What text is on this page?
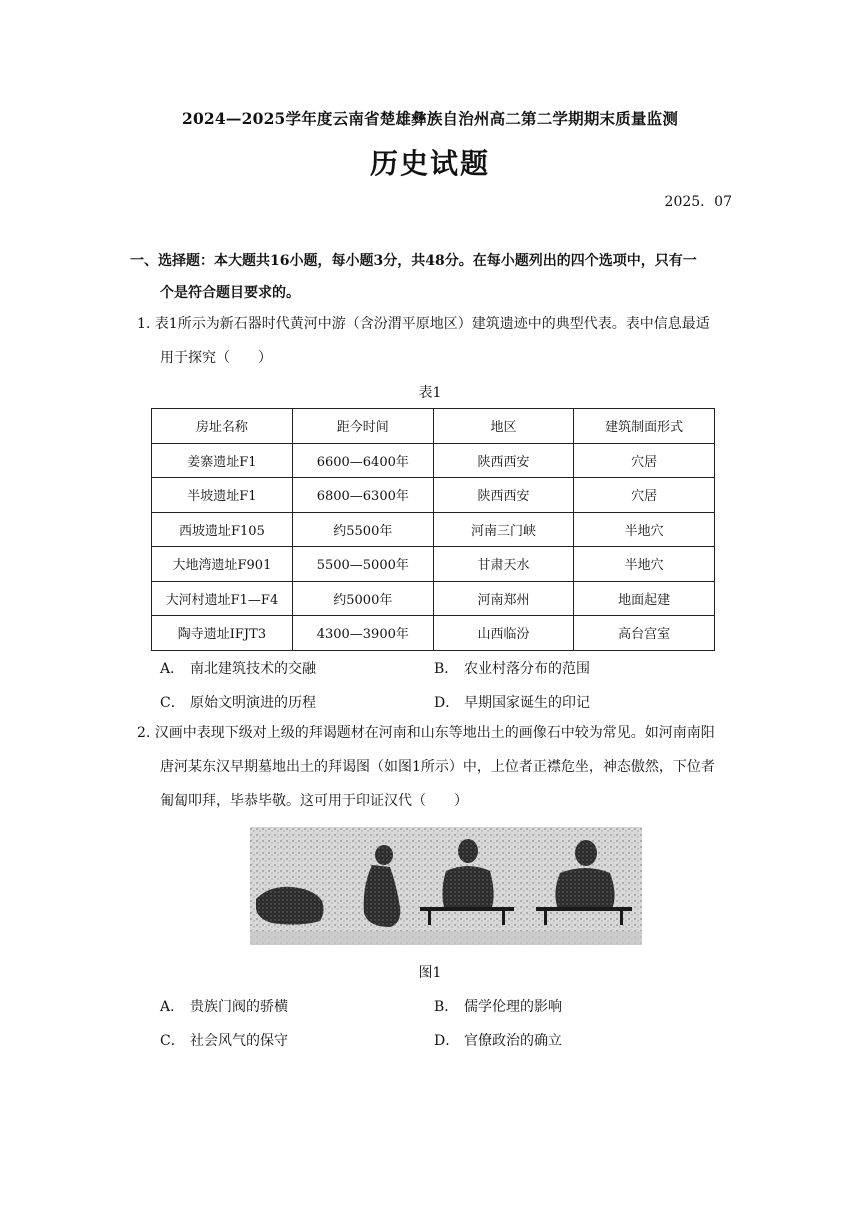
2024—2025学年度云南省楚雄彝族自治州高二第二学期期末质量监测
历史试题
2025．07
一、选择题：本大题共16小题，每小题3分，共48分。在每小题列出的四个选项中，只有一
个是符合题目要求的。
1. 表1所示为新石器时代黄河中游（含汾渭平原地区）建筑遗迹中的典型代表。表中信息最适
用于探究（　　）
表1
房址名称	距今时间	地区	建筑制面形式
姜寨遗址F1	6600—6400年	陕西西安	穴居
半坡遗址F1	6800—6300年	陕西西安	穴居
西坡遗址F105	约5500年	河南三门峡	半地穴
大地湾遗址F901	5500—5000年	甘肃天水	半地穴
大河村遗址F1—F4	约5000年	河南郑州	地面起建
陶寺遗址IFJT3	4300—3900年	山西临汾	高台宫室
A． 南北建筑技术的交融	B． 农业村落分布的范围
C． 原始文明演进的历程	D． 早期国家诞生的印记
2. 汉画中表现下级对上级的拜谒题材在河南和山东等地出土的画像石中较为常见。如河南南阳
唐河某东汉早期墓地出土的拜谒图（如图1所示）中，上位者正襟危坐，神态傲然，下位者
匍匐叩拜，毕恭毕敬。这可用于印证汉代（　　）
图1
A． 贵族门阀的骄横	B． 儒学伦理的影响
C． 社会风气的保守	D． 官僚政治的确立
